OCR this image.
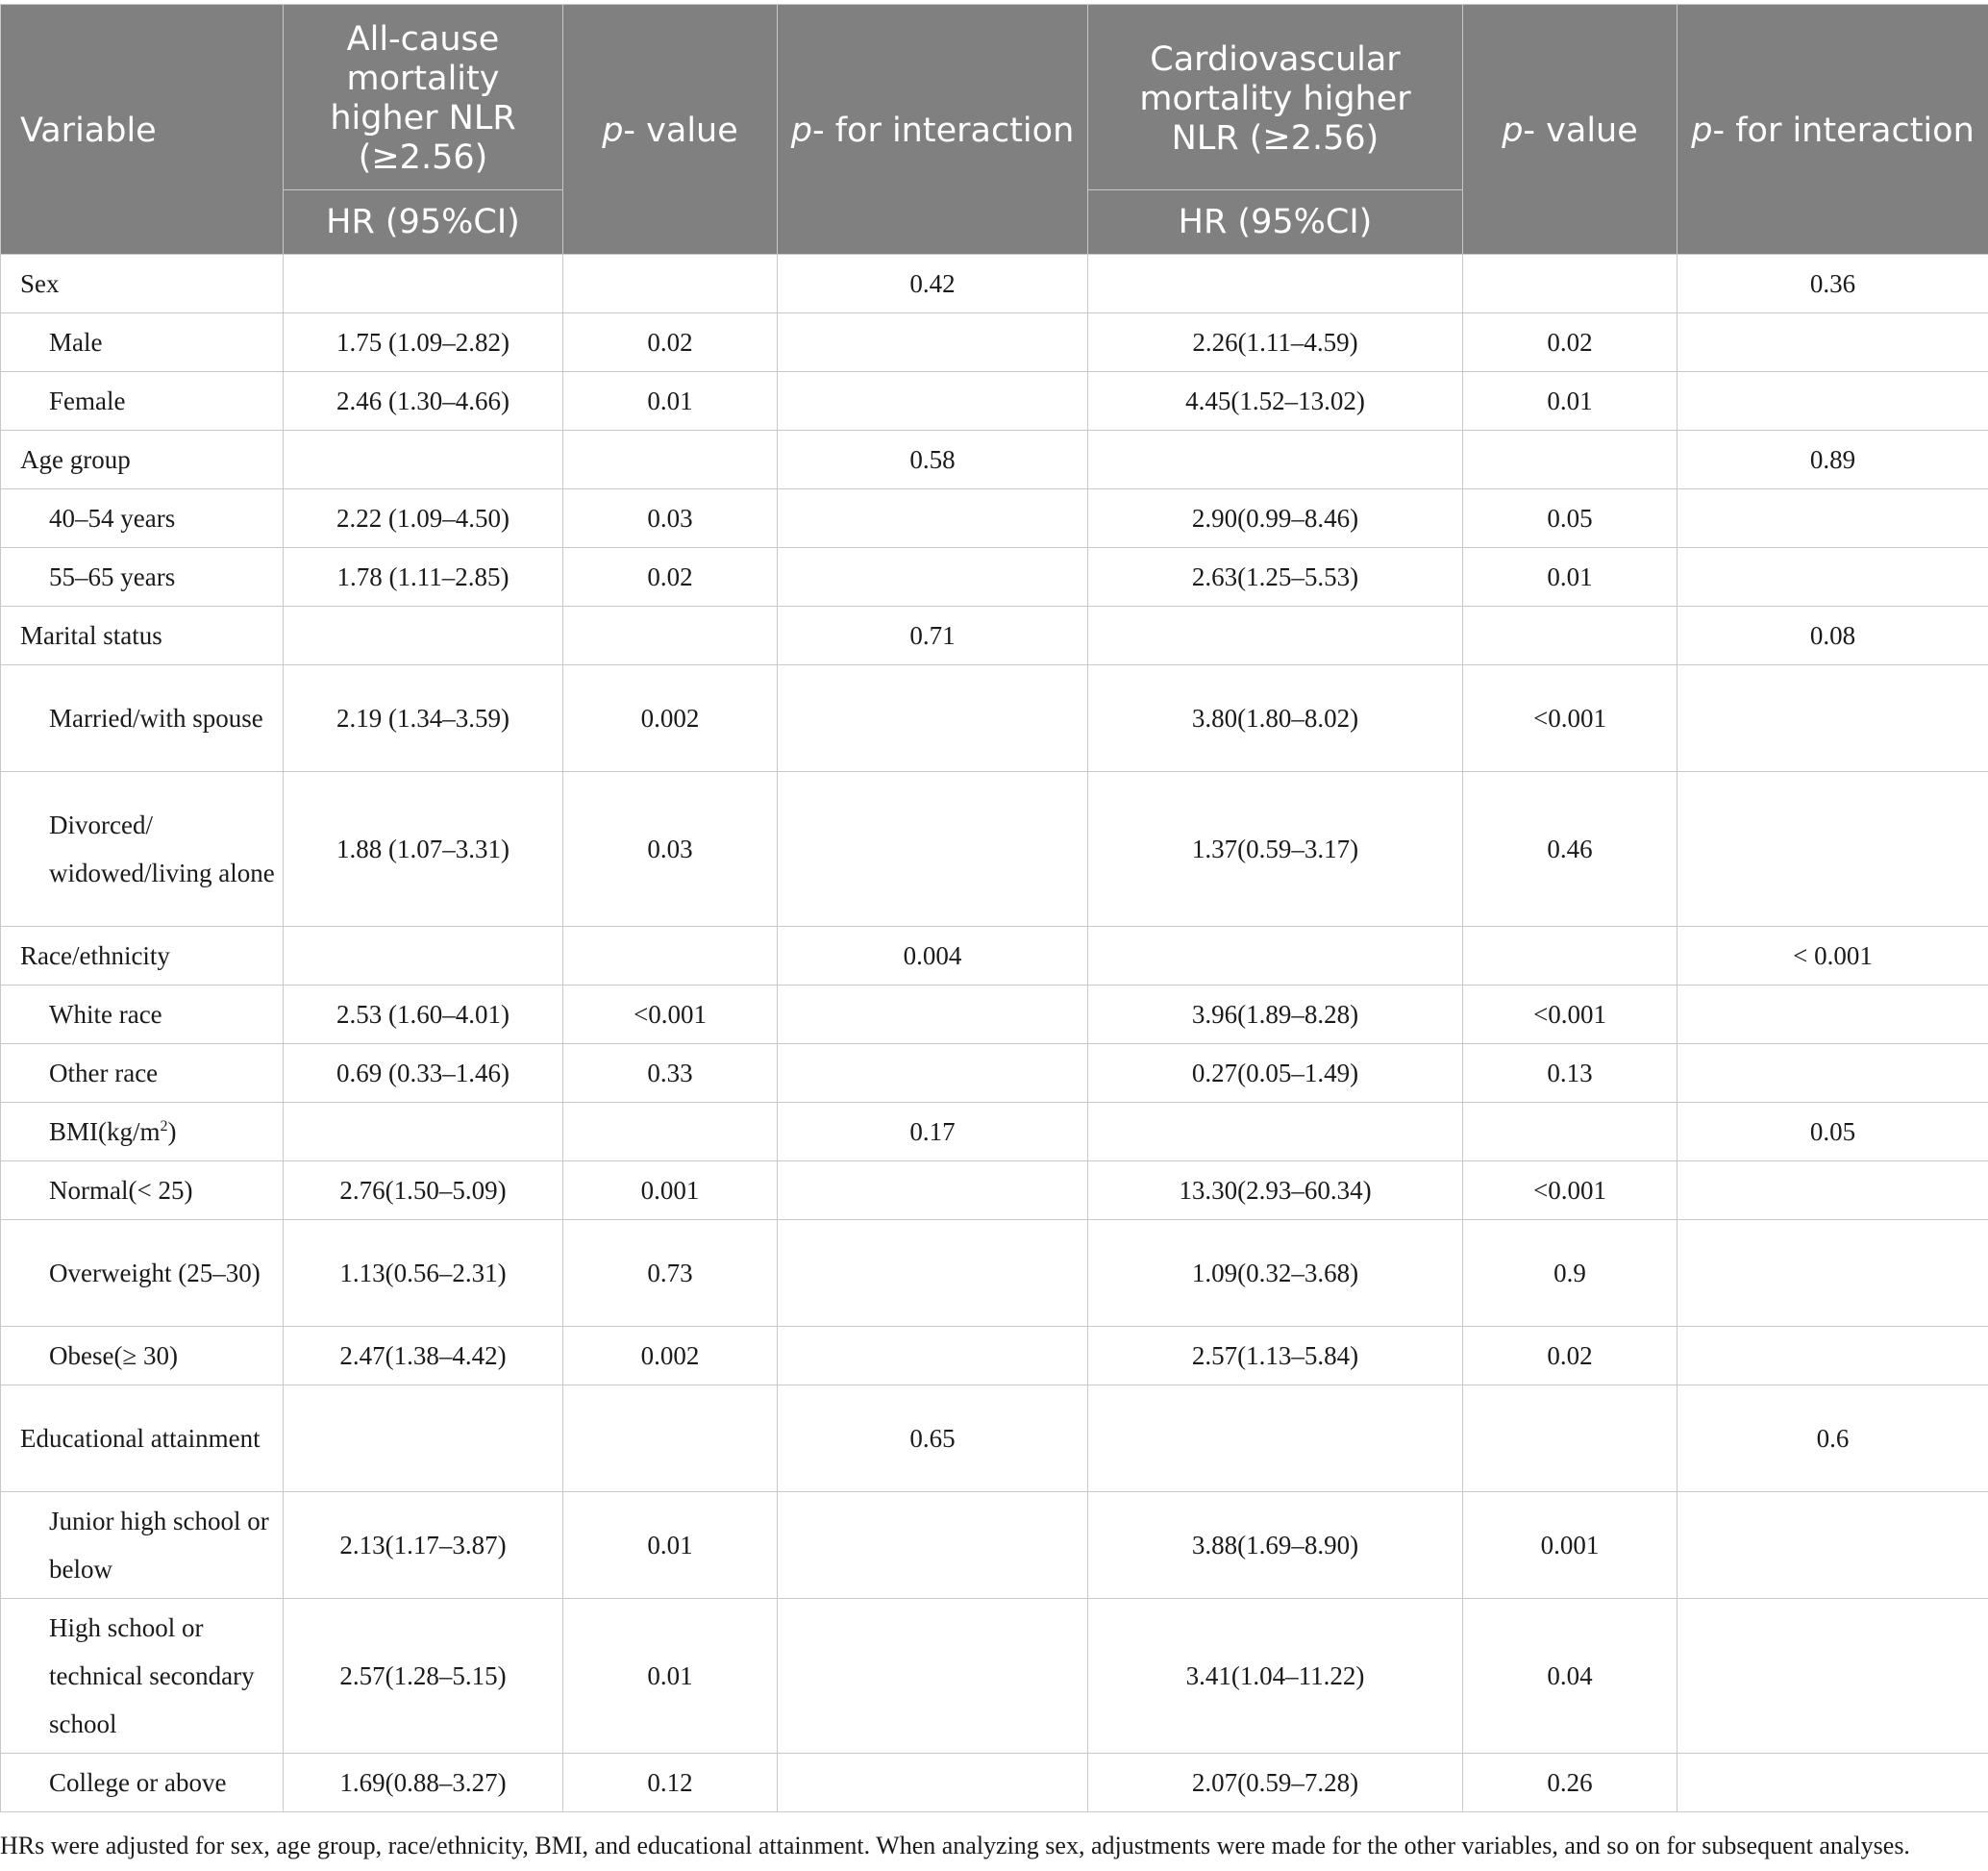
Variable	All-cause mortality higher NLR (≥2.56)	p- value	p- for interaction	Cardiovascular mortality higher NLR (≥2.56)	p- value	p- for interaction
	HR (95%CI)			HR (95%CI)		
Sex			0.42			0.36
Male	1.75 (1.09–2.82)	0.02		2.26(1.11–4.59)	0.02	
Female	2.46 (1.30–4.66)	0.01		4.45(1.52–13.02)	0.01	
Age group			0.58			0.89
40–54 years	2.22 (1.09–4.50)	0.03		2.90(0.99–8.46)	0.05	
55–65 years	1.78 (1.11–2.85)	0.02		2.63(1.25–5.53)	0.01	
Marital status			0.71			0.08
Married/with spouse	2.19 (1.34–3.59)	0.002		3.80(1.80–8.02)	<0.001	
Divorced/ widowed/living alone	1.88 (1.07–3.31)	0.03		1.37(0.59–3.17)	0.46	
Race/ethnicity			0.004			< 0.001
White race	2.53 (1.60–4.01)	<0.001		3.96(1.89–8.28)	<0.001	
Other race	0.69 (0.33–1.46)	0.33		0.27(0.05–1.49)	0.13	
$BMI(kg/m^2)$			0.17			0.05
Normal(< 25)	2.76(1.50–5.09)	0.001		13.30(2.93–60.34)	<0.001	
Overweight (25–30)	1.13(0.56–2.31)	0.73		1.09(0.32–3.68)	0.9	
Obese(≥ 30)	2.47(1.38–4.42)	0.002		2.57(1.13–5.84)	0.02	
Educational attainment			0.65			0.6
Junior high school or below	2.13(1.17–3.87)	0.01		3.88(1.69–8.90)	0.001	
High school or technical secondary school	2.57(1.28–5.15)	0.01		3.41(1.04–11.22)	0.04	
College or above	1.69(0.88–3.27)	0.12		2.07(0.59–7.28)	0.26	
HRs were adjusted for sex, age group, race/ethnicity, BMI, and educational attainment. When analyzing sex, adjustments were made for the other variables, and so on for subsequent analyses.
